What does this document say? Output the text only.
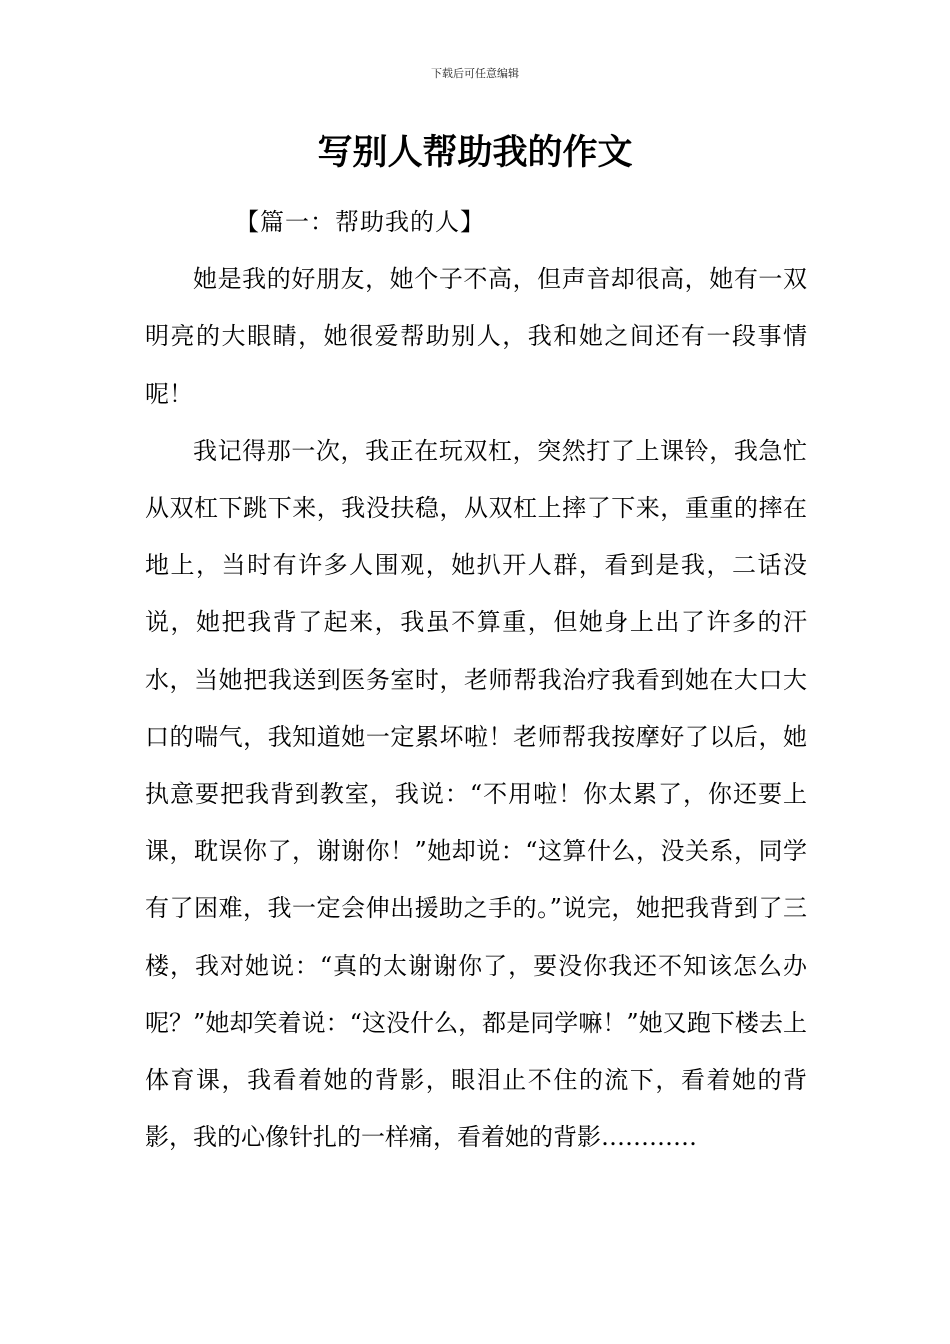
下载后可任意编辑
写别人帮助我的作文

【篇一：帮助我的人】

她是我的好朋友，她个子不高，但声音却很高，她有一双明亮的大眼睛，她很爱帮助别人，我和她之间还有一段事情呢！

我记得那一次，我正在玩双杠，突然打了上课铃，我急忙从双杠下跳下来，我没扶稳，从双杠上摔了下来，重重的摔在地上，当时有许多人围观，她扒开人群，看到是我，二话没说，她把我背了起来，我虽不算重，但她身上出了许多的汗水，当她把我送到医务室时，老师帮我治疗我看到她在大口大口的喘气，我知道她一定累坏啦！老师帮我按摩好了以后，她执意要把我背到教室，我说：“不用啦！你太累了，你还要上课，耽误你了，谢谢你！”她却说：“这算什么，没关系，同学有了困难，我一定会伸出援助之手的。”说完，她把我背到了三楼，我对她说：“真的太谢谢你了，要没你我还不知该怎么办呢？”她却笑着说：“这没什么，都是同学嘛！”她又跑下楼去上体育课，我看着她的背影，眼泪止不住的流下，看着她的背影，我的心像针扎的一样痛，看着她的背影…………
